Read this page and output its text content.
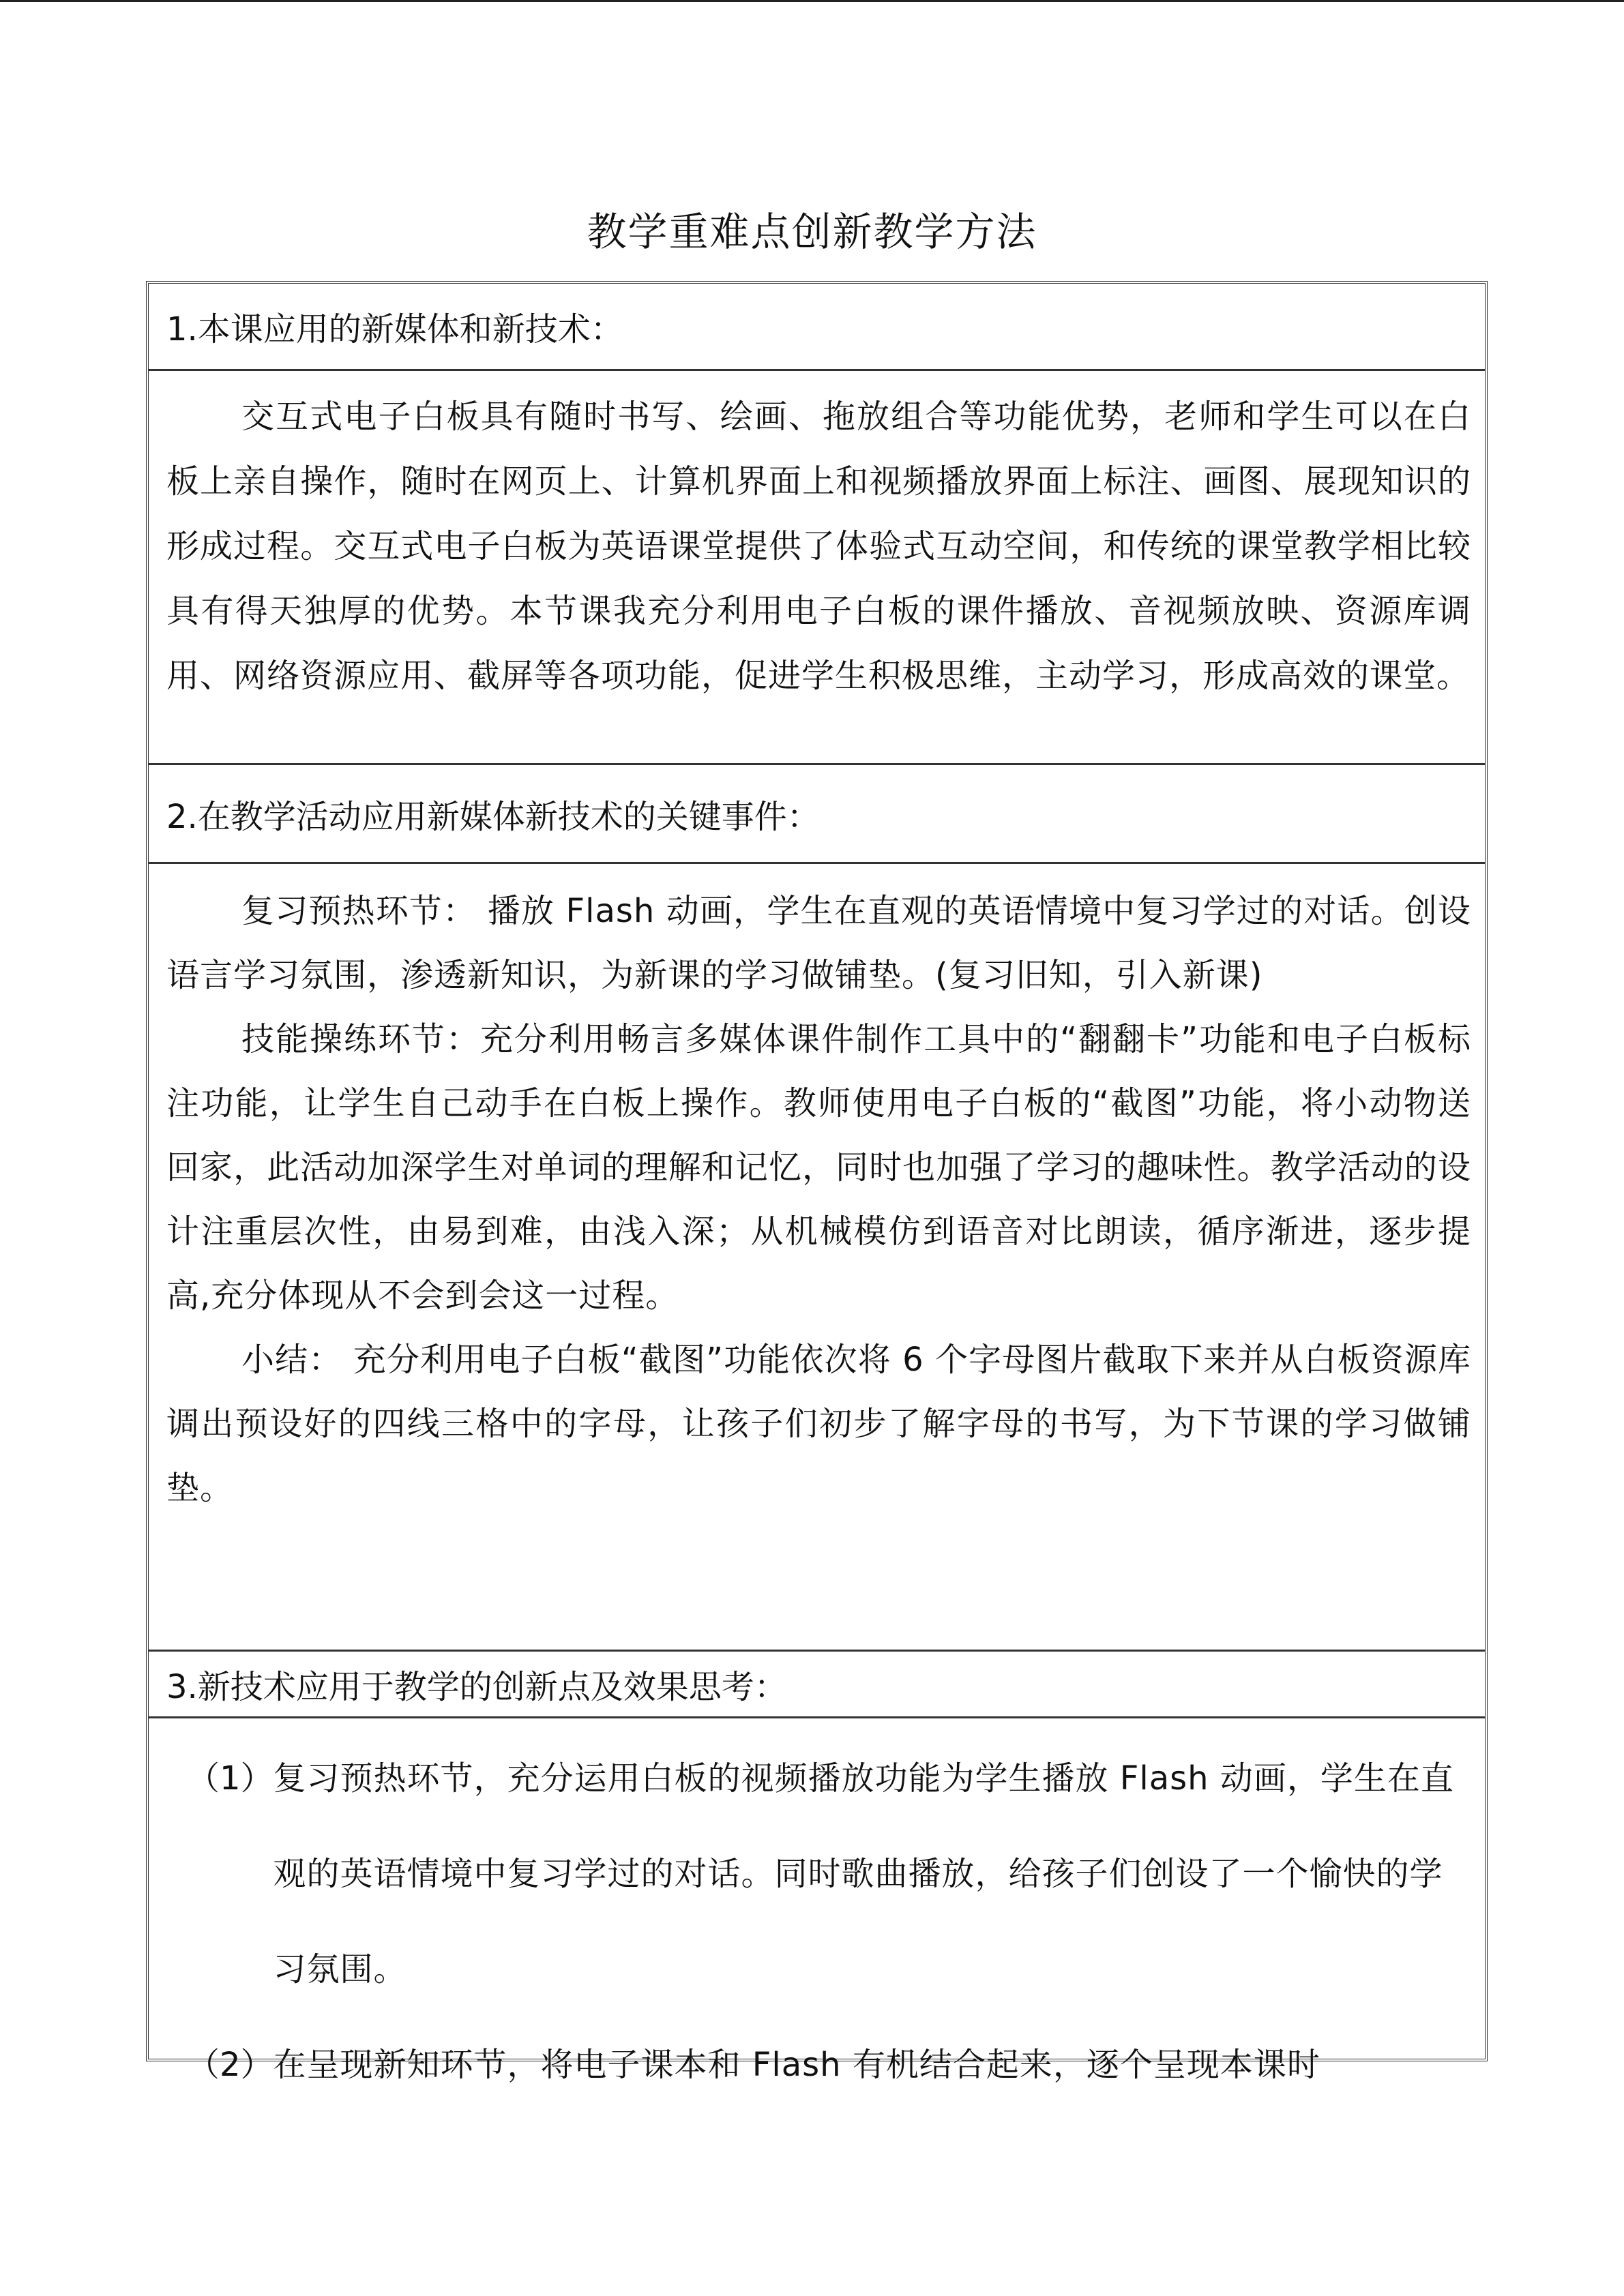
教学重难点创新教学方法
1.本课应用的新媒体和新技术：

交互式电子白板具有随时书写、绘画、拖放组合等功能优势，老师和学生可以在白板上亲自操作，随时在网页上、计算机界面上和视频播放界面上标注、画图、展现知识的形成过程。交互式电子白板为英语课堂提供了体验式互动空间，和传统的课堂教学相比较具有得天独厚的优势。本节课我充分利用电子白板的课件播放、音视频放映、资源库调用、网络资源应用、截屏等各项功能，促进学生积极思维，主动学习，形成高效的课堂。

2.在教学活动应用新媒体新技术的关键事件：

复习预热环节： 播放 Flash 动画，学生在直观的英语情境中复习学过的对话。创设语言学习氛围，渗透新知识，为新课的学习做铺垫。(复习旧知，引入新课)

技能操练环节：充分利用畅言多媒体课件制作工具中的“翻翻卡”功能和电子白板标注功能，让学生自己动手在白板上操作。教师使用电子白板的“截图”功能，将小动物送回家，此活动加深学生对单词的理解和记忆，同时也加强了学习的趣味性。教学活动的设计注重层次性，由易到难，由浅入深；从机械模仿到语音对比朗读，循序渐进，逐步提高,充分体现从不会到会这一过程。

小结： 充分利用电子白板“截图”功能依次将 6 个字母图片截取下来并从白板资源库调出预设好的四线三格中的字母，让孩子们初步了解字母的书写，为下节课的学习做铺垫。

3.新技术应用于教学的创新点及效果思考：
（1） 复习预热环节，充分运用白板的视频播放功能为学生播放 Flash 动画，学生在直观的英语情境中复习学过的对话。同时歌曲播放，给孩子们创设了一个愉快的学习氛围。
（2） 在呈现新知环节，将电子课本和 Flash 有机结合起来，逐个呈现本课时
